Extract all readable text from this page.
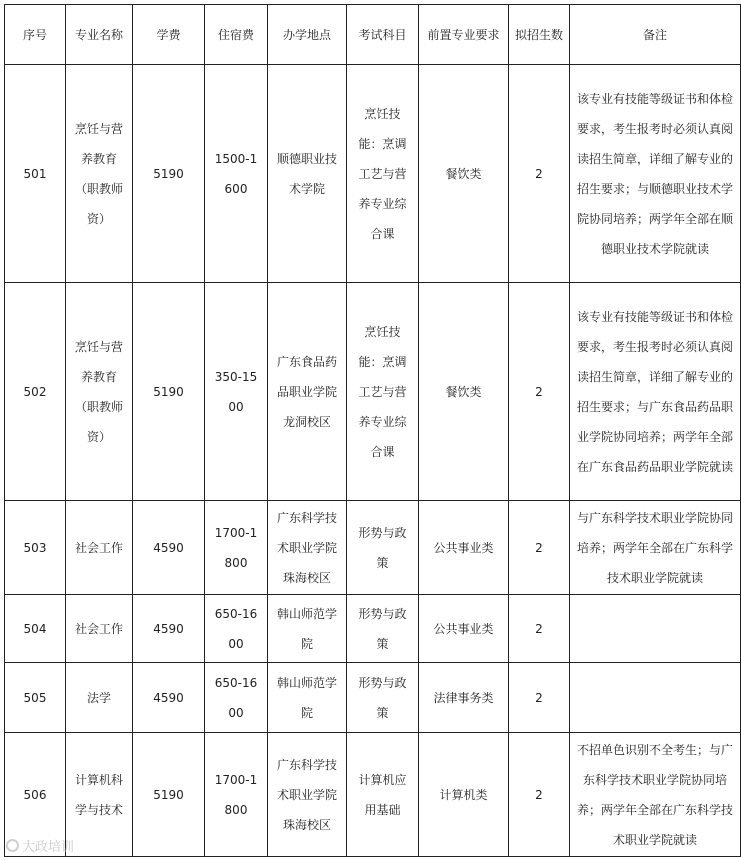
序号	专业名称	学费	住宿费	办学地点	考试科目	前置专业要求	拟招生数	备注
501	烹饪与营养教育（职教师资）	5190	1500-1600	顺德职业技术学院	烹饪技能：烹调工艺与营养专业综合课	餐饮类	2	该专业有技能等级证书和体检要求，考生报考时必须认真阅读招生简章，详细了解专业的招生要求；与顺德职业技术学院协同培养；两学年全部在顺德职业技术学院就读
502	烹饪与营养教育（职教师资）	5190	350-1500	广东食品药品职业学院龙洞校区	烹饪技能：烹调工艺与营养专业综合课	餐饮类	2	该专业有技能等级证书和体检要求，考生报考时必须认真阅读招生简章，详细了解专业的招生要求；与广东食品药品职业学院协同培养；两学年全部在广东食品药品职业学院就读
503	社会工作	4590	1700-1800	广东科学技术职业学院珠海校区	形势与政策	公共事业类	2	与广东科学技术职业学院协同培养；两学年全部在广东科学技术职业学院就读
504	社会工作	4590	650-1600	韩山师范学院	形势与政策	公共事业类	2	
505	法学	4590	650-1600	韩山师范学院	形势与政策	法律事务类	2	
506	计算机科学与技术	5190	1700-1800	广东科学技术职业学院珠海校区	计算机应用基础	计算机类	2	不招单色识别不全考生；与广东科学技术职业学院协同培养；两学年全部在广东科学技术职业学院就读
大政培训
